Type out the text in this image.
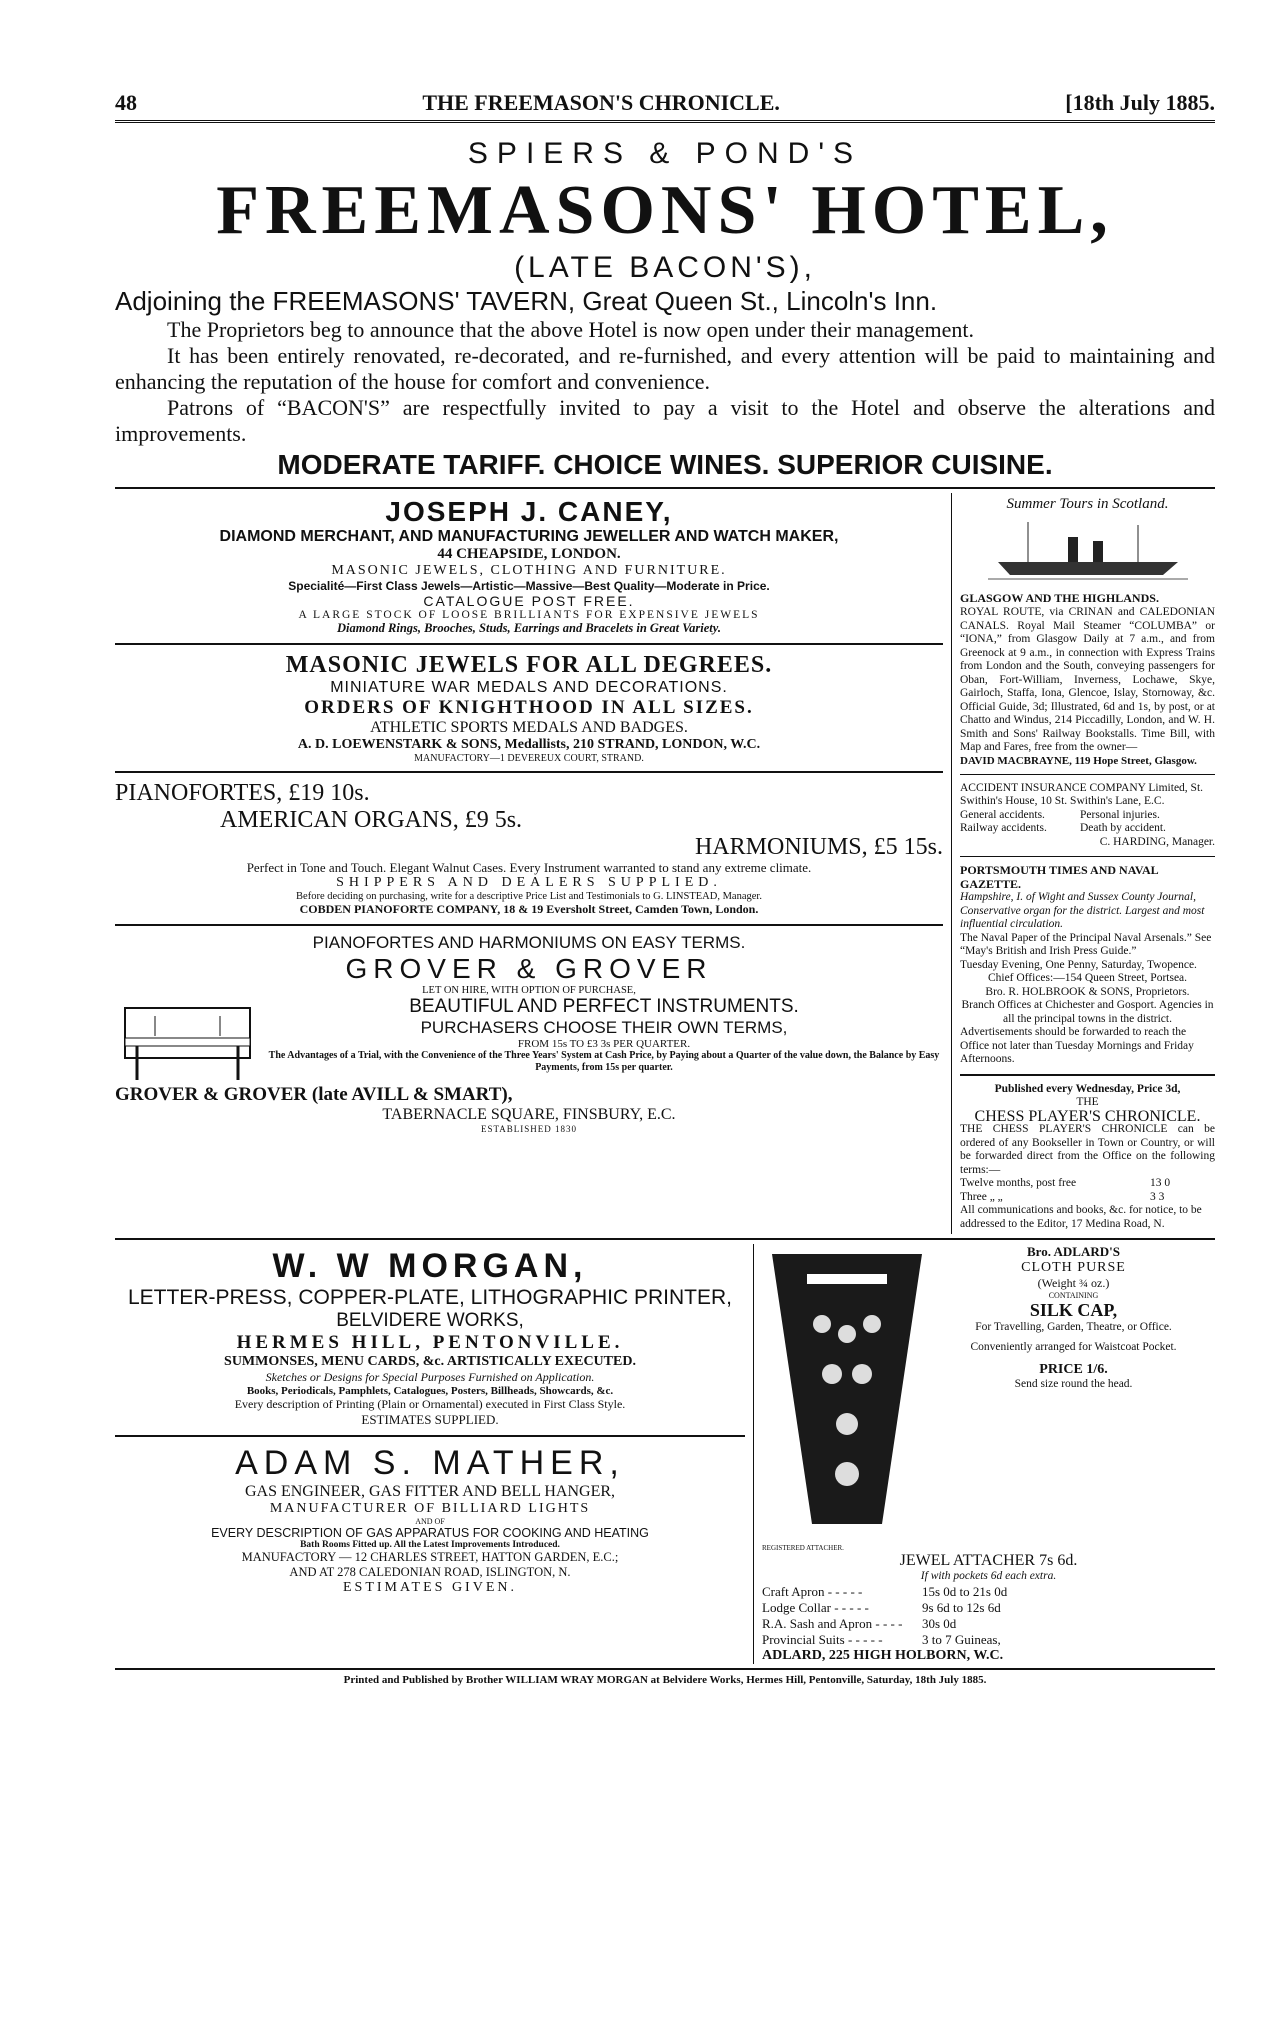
48	THE FREEMASON'S CHRONICLE.	[18th July 1885.
SPIERS & POND'S
FREEMASONS' HOTEL,
(LATE BACON'S),
Adjoining the FREEMASONS' TAVERN, Great Queen St., Lincoln's Inn.

The Proprietors beg to announce that the above Hotel is now open under their management.

It has been entirely renovated, re-decorated, and re-furnished, and every attention will be paid to maintaining and enhancing the reputation of the house for comfort and convenience.

Patrons of “BACON'S” are respectfully invited to pay a visit to the Hotel and observe the alterations and improvements.

MODERATE TARIFF. CHOICE WINES. SUPERIOR CUISINE.
JOSEPH J. CANEY,
DIAMOND MERCHANT, AND MANUFACTURING JEWELLER AND WATCH MAKER,
44 CHEAPSIDE, LONDON.
MASONIC JEWELS, CLOTHING AND FURNITURE.
Specialité—First Class Jewels—Artistic—Massive—Best Quality—Moderate in Price.
CATALOGUE POST FREE.
A LARGE STOCK OF LOOSE BRILLIANTS FOR EXPENSIVE JEWELS
Diamond Rings, Brooches, Studs, Earrings and Bracelets in Great Variety.
MASONIC JEWELS FOR ALL DEGREES.
MINIATURE WAR MEDALS AND DECORATIONS.
ORDERS OF KNIGHTHOOD IN ALL SIZES.
ATHLETIC SPORTS MEDALS AND BADGES.
A. D. LOEWENSTARK & SONS, Medallists, 210 STRAND, LONDON, W.C.
MANUFACTORY—1 DEVEREUX COURT, STRAND.
PIANOFORTES, £19 10s.
AMERICAN ORGANS, £9 5s.
HARMONIUMS, £5 15s.
Perfect in Tone and Touch. Elegant Walnut Cases. Every Instrument warranted to stand any extreme climate.
SHIPPERS AND DEALERS SUPPLIED.
Before deciding on purchasing, write for a descriptive Price List and Testimonials to G. LINSTEAD, Manager.
COBDEN PIANOFORTE COMPANY, 18 & 19 Eversholt Street, Camden Town, London.
PIANOFORTES AND HARMONIUMS ON EASY TERMS.
GROVER & GROVER
LET ON HIRE, WITH OPTION OF PURCHASE,
BEAUTIFUL AND PERFECT INSTRUMENTS.
PURCHASERS CHOOSE THEIR OWN TERMS,
FROM 15s TO £3 3s PER QUARTER.
The Advantages of a Trial, with the Convenience of the Three Years' System at Cash Price, by Paying about a Quarter of the value down, the Balance by Easy Payments, from 15s per quarter.
GROVER & GROVER (late AVILL & SMART),
TABERNACLE SQUARE, FINSBURY, E.C.
ESTABLISHED 1830
Summer Tours in Scotland.
GLASGOW AND THE HIGHLANDS.

ROYAL ROUTE, via CRINAN and CALEDONIAN CANALS. Royal Mail Steamer “COLUMBA” or “IONA,” from Glasgow Daily at 7 a.m., and from Greenock at 9 a.m., in connection with Express Trains from London and the South, conveying passengers for Oban, Fort-William, Inverness, Lochawe, Skye, Gairloch, Staffa, Iona, Glencoe, Islay, Stornoway, &c. Official Guide, 3d; Illustrated, 6d and 1s, by post, or at Chatto and Windus, 214 Piccadilly, London, and W. H. Smith and Sons' Railway Bookstalls. Time Bill, with Map and Fares, free from the owner—

DAVID MACBRAYNE, 119 Hope Street, Glasgow.

ACCIDENT INSURANCE COMPANY Limited, St. Swithin's House, 10 St. Swithin's Lane, E.C.

General accidents.	Personal injuries.
Railway accidents.	Death by accident.
C. HARDING, Manager.
PORTSMOUTH TIMES AND NAVAL GAZETTE.

Hampshire, I. of Wight and Sussex County Journal, Conservative organ for the district. Largest and most influential circulation.

The Naval Paper of the Principal Naval Arsenals.” See “May's British and Irish Press Guide.”

Tuesday Evening, One Penny, Saturday, Twopence.

Chief Offices:—154 Queen Street, Portsea.

Bro. R. HOLBROOK & SONS, Proprietors.

Branch Offices at Chichester and Gosport. Agencies in all the principal towns in the district.

Advertisements should be forwarded to reach the Office not later than Tuesday Mornings and Friday Afternoons.

Published every Wednesday, Price 3d,
THE
CHESS PLAYER'S CHRONICLE.

THE CHESS PLAYER'S CHRONICLE can be ordered of any Bookseller in Town or Country, or will be forwarded direct from the Office on the following terms:—

Twelve months, post free	13 0
Three „ „	3 3

All communications and books, &c. for notice, to be addressed to the Editor, 17 Medina Road, N.

W. W MORGAN,
LETTER-PRESS, COPPER-PLATE, LITHOGRAPHIC PRINTER,
BELVIDERE WORKS,
HERMES HILL, PENTONVILLE.
SUMMONSES, MENU CARDS, &c. ARTISTICALLY EXECUTED.
Sketches or Designs for Special Purposes Furnished on Application.
Books, Periodicals, Pamphlets, Catalogues, Posters, Billheads, Showcards, &c.
Every description of Printing (Plain or Ornamental) executed in First Class Style.
ESTIMATES SUPPLIED.
ADAM S. MATHER,
GAS ENGINEER, GAS FITTER AND BELL HANGER,
MANUFACTURER OF BILLIARD LIGHTS
AND OF
EVERY DESCRIPTION OF GAS APPARATUS FOR COOKING AND HEATING
Bath Rooms Fitted up. All the Latest Improvements Introduced.
MANUFACTORY — 12 CHARLES STREET, HATTON GARDEN, E.C.;
AND AT 278 CALEDONIAN ROAD, ISLINGTON, N.
ESTIMATES GIVEN.
Bro. ADLARD'S
CLOTH PURSE
(Weight ¾ oz.)
CONTAINING
SILK CAP,
For Travelling, Garden, Theatre, or Office.
Conveniently arranged for Waistcoat Pocket.
PRICE 1/6.
Send size round the head.
REGISTERED ATTACHER.
JEWEL ATTACHER 7s 6d.
If with pockets 6d each extra.
Craft Apron - - - - -	15s 0d to 21s 0d
Lodge Collar - - - - -	9s 6d to 12s 6d
R.A. Sash and Apron - - - -	30s 0d
Provincial Suits - - - - -	3 to 7 Guineas,
ADLARD, 225 HIGH HOLBORN, W.C.
Printed and Published by Brother WILLIAM WRAY MORGAN at Belvidere Works, Hermes Hill, Pentonville, Saturday, 18th July 1885.
